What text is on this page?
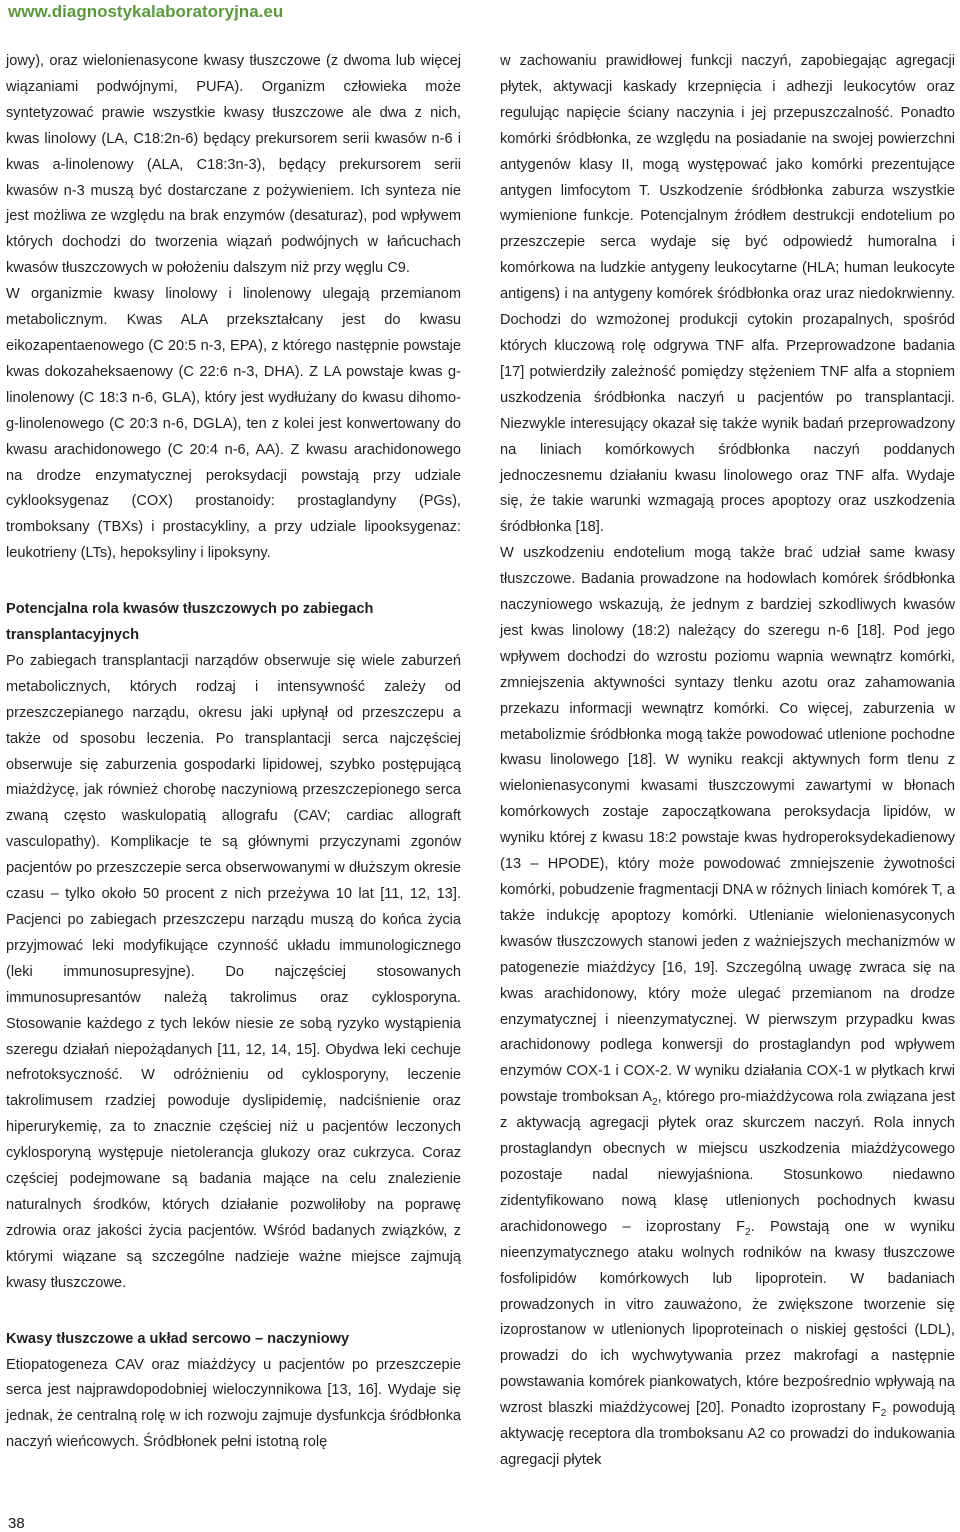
www.diagnostykalaboratoryjna.eu

jowy), oraz wielonienasycone kwasy tłuszczowe (z dwoma lub więcej wiązaniami podwójnymi, PUFA). Organizm człowieka może syntetyzować prawie wszystkie kwasy tłuszczowe ale dwa z nich, kwas linolowy (LA, C18:2n-6) będący prekursorem serii kwasów n-6 i kwas a-linolenowy (ALA, C18:3n-3), będący prekursorem serii kwasów n-3 muszą być dostarczane z pożywieniem. Ich synteza nie jest możliwa ze względu na brak enzymów (desaturaz), pod wpływem których dochodzi do tworzenia wiązań podwójnych w łańcuchach kwasów tłuszczowych w położeniu dalszym niż przy węglu C9.

W organizmie kwasy linolowy i linolenowy ulegają przemianom metabolicznym. Kwas ALA przekształcany jest do kwasu eikozapentaenowego (C 20:5 n-3, EPA), z którego następnie powstaje kwas dokozaheksaenowy (C 22:6 n-3, DHA). Z LA powstaje kwas g-linolenowy (C 18:3 n-6, GLA), który jest wydłużany do kwasu dihomo-g-linolenowego (C 20:3 n-6, DGLA), ten z kolei jest konwertowany do kwasu arachidonowego (C 20:4 n-6, AA). Z kwasu arachidonowego na drodze enzymatycznej peroksydacji powstają przy udziale cyklooksygenaz (COX) prostanoidy: prostaglandyny (PGs), tromboksany (TBXs) i prostacykliny, a przy udziale lipooksygenaz: leukotrieny (LTs), hepoksyliny i lipoksyny.

Potencjalna rola kwasów tłuszczowych po zabiegach transplantacyjnych

Po zabiegach transplantacji narządów obserwuje się wiele zaburzeń metabolicznych, których rodzaj i intensywność zależy od przeszczepianego narządu, okresu jaki upłynął od przeszczepu a także od sposobu leczenia. Po transplantacji serca najczęściej obserwuje się zaburzenia gospodarki lipidowej, szybko postępującą miażdżycę, jak również chorobę naczyniową przeszczepionego serca zwaną często waskulopatią allografu (CAV; cardiac allograft vasculopathy). Komplikacje te są głównymi przyczynami zgonów pacjentów po przeszczepie serca obserwowanymi w dłuższym okresie czasu – tylko około 50 procent z nich przeżywa 10 lat [11, 12, 13]. Pacjenci po zabiegach przeszczepu narządu muszą do końca życia przyjmować leki modyfikujące czynność układu immunologicznego (leki immunosupresyjne). Do najczęściej stosowanych immunosupresantów należą takrolimus oraz cyklosporyna. Stosowanie każdego z tych leków niesie ze sobą ryzyko wystąpienia szeregu działań niepożądanych [11, 12, 14, 15]. Obydwa leki cechuje nefrotoksyczność. W odróżnieniu od cyklosporyny, leczenie takrolimusem rzadziej powoduje dyslipidemię, nadciśnienie oraz hiperurykemię, za to znacznie częściej niż u pacjentów leczonych cyklosporyną występuje nietolerancja glukozy oraz cukrzyca. Coraz częściej podejmowane są badania mające na celu znalezienie naturalnych środków, których działanie pozwoliłoby na poprawę zdrowia oraz jakości życia pacjentów. Wśród badanych związków, z którymi wiązane są szczególne nadzieje ważne miejsce zajmują kwasy tłuszczowe.

Kwasy tłuszczowe a układ sercowo – naczyniowy

Etiopatogeneza CAV oraz miażdżycy u pacjentów po przeszczepie serca jest najprawdopodobniej wieloczynnikowa [13, 16]. Wydaje się jednak, że centralną rolę w ich rozwoju zajmuje dysfunkcja śródbłonka naczyń wieńcowych. Śródbłonek pełni istotną rolę

w zachowaniu prawidłowej funkcji naczyń, zapobiegając agregacji płytek, aktywacji kaskady krzepnięcia i adhezji leukocytów oraz regulując napięcie ściany naczynia i jej przepuszczalność. Ponadto komórki śródbłonka, ze względu na posiadanie na swojej powierzchni antygenów klasy II, mogą występować jako komórki prezentujące antygen limfocytom T. Uszkodzenie śródbłonka zaburza wszystkie wymienione funkcje. Potencjalnym źródłem destrukcji endotelium po przeszczepie serca wydaje się być odpowiedź humoralna i komórkowa na ludzkie antygeny leukocytarne (HLA; human leukocyte antigens) i na antygeny komórek śródbłonka oraz uraz niedokrwienny. Dochodzi do wzmożonej produkcji cytokin prozapalnych, spośród których kluczową rolę odgrywa TNF alfa. Przeprowadzone badania [17] potwierdziły zależność pomiędzy stężeniem TNF alfa a stopniem uszkodzenia śródbłonka naczyń u pacjentów po transplantacji. Niezwykle interesujący okazał się także wynik badań przeprowadzony na liniach komórkowych śródbłonka naczyń poddanych jednoczesnemu działaniu kwasu linolowego oraz TNF alfa. Wydaje się, że takie warunki wzmagają proces apoptozy oraz uszkodzenia śródbłonka [18].

W uszkodzeniu endotelium mogą także brać udział same kwasy tłuszczowe. Badania prowadzone na hodowlach komórek śródbłonka naczyniowego wskazują, że jednym z bardziej szkodliwych kwasów jest kwas linolowy (18:2) należący do szeregu n-6 [18]. Pod jego wpływem dochodzi do wzrostu poziomu wapnia wewnątrz komórki, zmniejszenia aktywności syntazy tlenku azotu oraz zahamowania przekazu informacji wewnątrz komórki. Co więcej, zaburzenia w metabolizmie śródbłonka mogą także powodować utlenione pochodne kwasu linolowego [18]. W wyniku reakcji aktywnych form tlenu z wielonienasyconymi kwasami tłuszczowymi zawartymi w błonach komórkowych zostaje zapoczątkowana peroksydacja lipidów, w wyniku której z kwasu 18:2 powstaje kwas hydroperoksydekadienowy (13 – HPODE), który może powodować zmniejszenie żywotności komórki, pobudzenie fragmentacji DNA w różnych liniach komórek T, a także indukcję apoptozy komórki. Utlenianie wielonienasyconych kwasów tłuszczowych stanowi jeden z ważniejszych mechanizmów w patogenezie miażdżycy [16, 19]. Szczególną uwagę zwraca się na kwas arachidonowy, który może ulegać przemianom na drodze enzymatycznej i nieenzymatycznej. W pierwszym przypadku kwas arachidonowy podlega konwersji do prostaglandyn pod wpływem enzymów COX-1 i COX-2. W wyniku działania COX-1 w płytkach krwi powstaje tromboksan $A_2$, którego pro-miażdżycowa rola związana jest z aktywacją agregacji płytek oraz skurczem naczyń. Rola innych prostaglandyn obecnych w miejscu uszkodzenia miażdżycowego pozostaje nadal niewyjaśniona. Stosunkowo niedawno zidentyfikowano nową klasę utlenionych pochodnych kwasu arachidonowego – izoprostany $F_2$. Powstają one w wyniku nieenzymatycznego ataku wolnych rodników na kwasy tłuszczowe fosfolipidów komórkowych lub lipoprotein. W badaniach prowadzonych in vitro zauważono, że zwiększone tworzenie się izoprostanow w utlenionych lipoproteinach o niskiej gęstości (LDL), prowadzi do ich wychwytywania przez makrofagi a następnie powstawania komórek piankowatych, które bezpośrednio wpływają na wzrost blaszki miażdżycowej [20]. Ponadto izoprostany $F_2$ powodują aktywację receptora dla tromboksanu A2 co prowadzi do indukowania agregacji płytek

38
